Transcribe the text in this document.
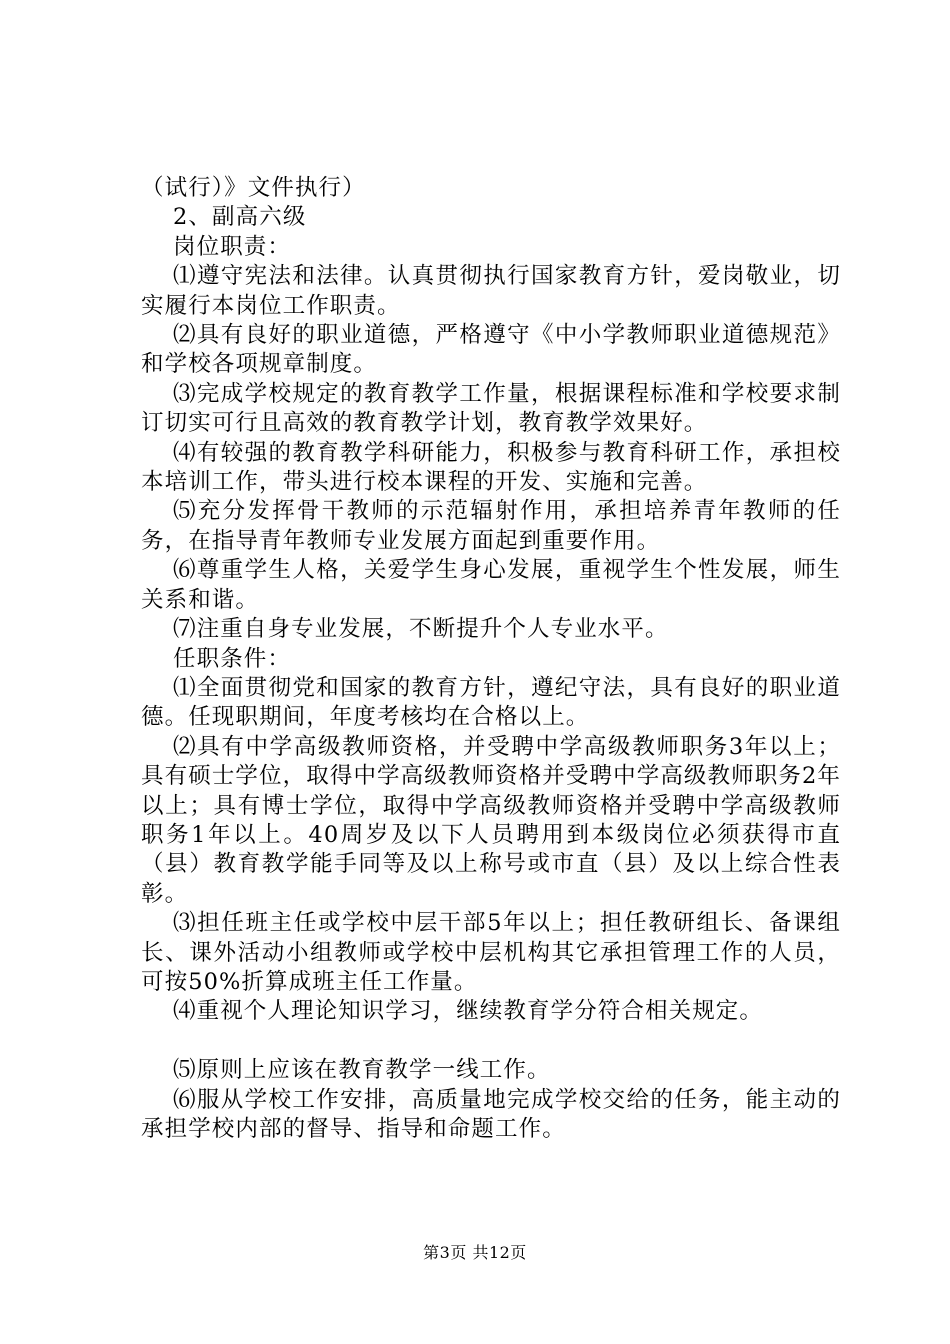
（试行）》文件执行）

2、副高六级

岗位职责：

⑴遵守宪法和法律。认真贯彻执行国家教育方针，爱岗敬业，切实履行本岗位工作职责。

⑵具有良好的职业道德，严格遵守《中小学教师职业道德规范》和学校各项规章制度。

⑶完成学校规定的教育教学工作量，根据课程标准和学校要求制订切实可行且高效的教育教学计划，教育教学效果好。

⑷有较强的教育教学科研能力，积极参与教育科研工作，承担校本培训工作，带头进行校本课程的开发、实施和完善。

⑸充分发挥骨干教师的示范辐射作用，承担培养青年教师的任务，在指导青年教师专业发展方面起到重要作用。

⑹尊重学生人格，关爱学生身心发展，重视学生个性发展，师生关系和谐。

⑺注重自身专业发展，不断提升个人专业水平。

任职条件：

⑴全面贯彻党和国家的教育方针，遵纪守法，具有良好的职业道德。任现职期间，年度考核均在合格以上。

⑵具有中学高级教师资格，并受聘中学高级教师职务3年以上；具有硕士学位，取得中学高级教师资格并受聘中学高级教师职务2年以上；具有博士学位，取得中学高级教师资格并受聘中学高级教师职务1年以上。40周岁及以下人员聘用到本级岗位必须获得市直（县）教育教学能手同等及以上称号或市直（县）及以上综合性表彰。

⑶担任班主任或学校中层干部5年以上；担任教研组长、备课组长、课外活动小组教师或学校中层机构其它承担管理工作的人员，可按50%折算成班主任工作量。

⑷重视个人理论知识学习，继续教育学分符合相关规定。

⑸原则上应该在教育教学一线工作。

⑹服从学校工作安排，高质量地完成学校交给的任务，能主动的承担学校内部的督导、指导和命题工作。

第3页 共12页
